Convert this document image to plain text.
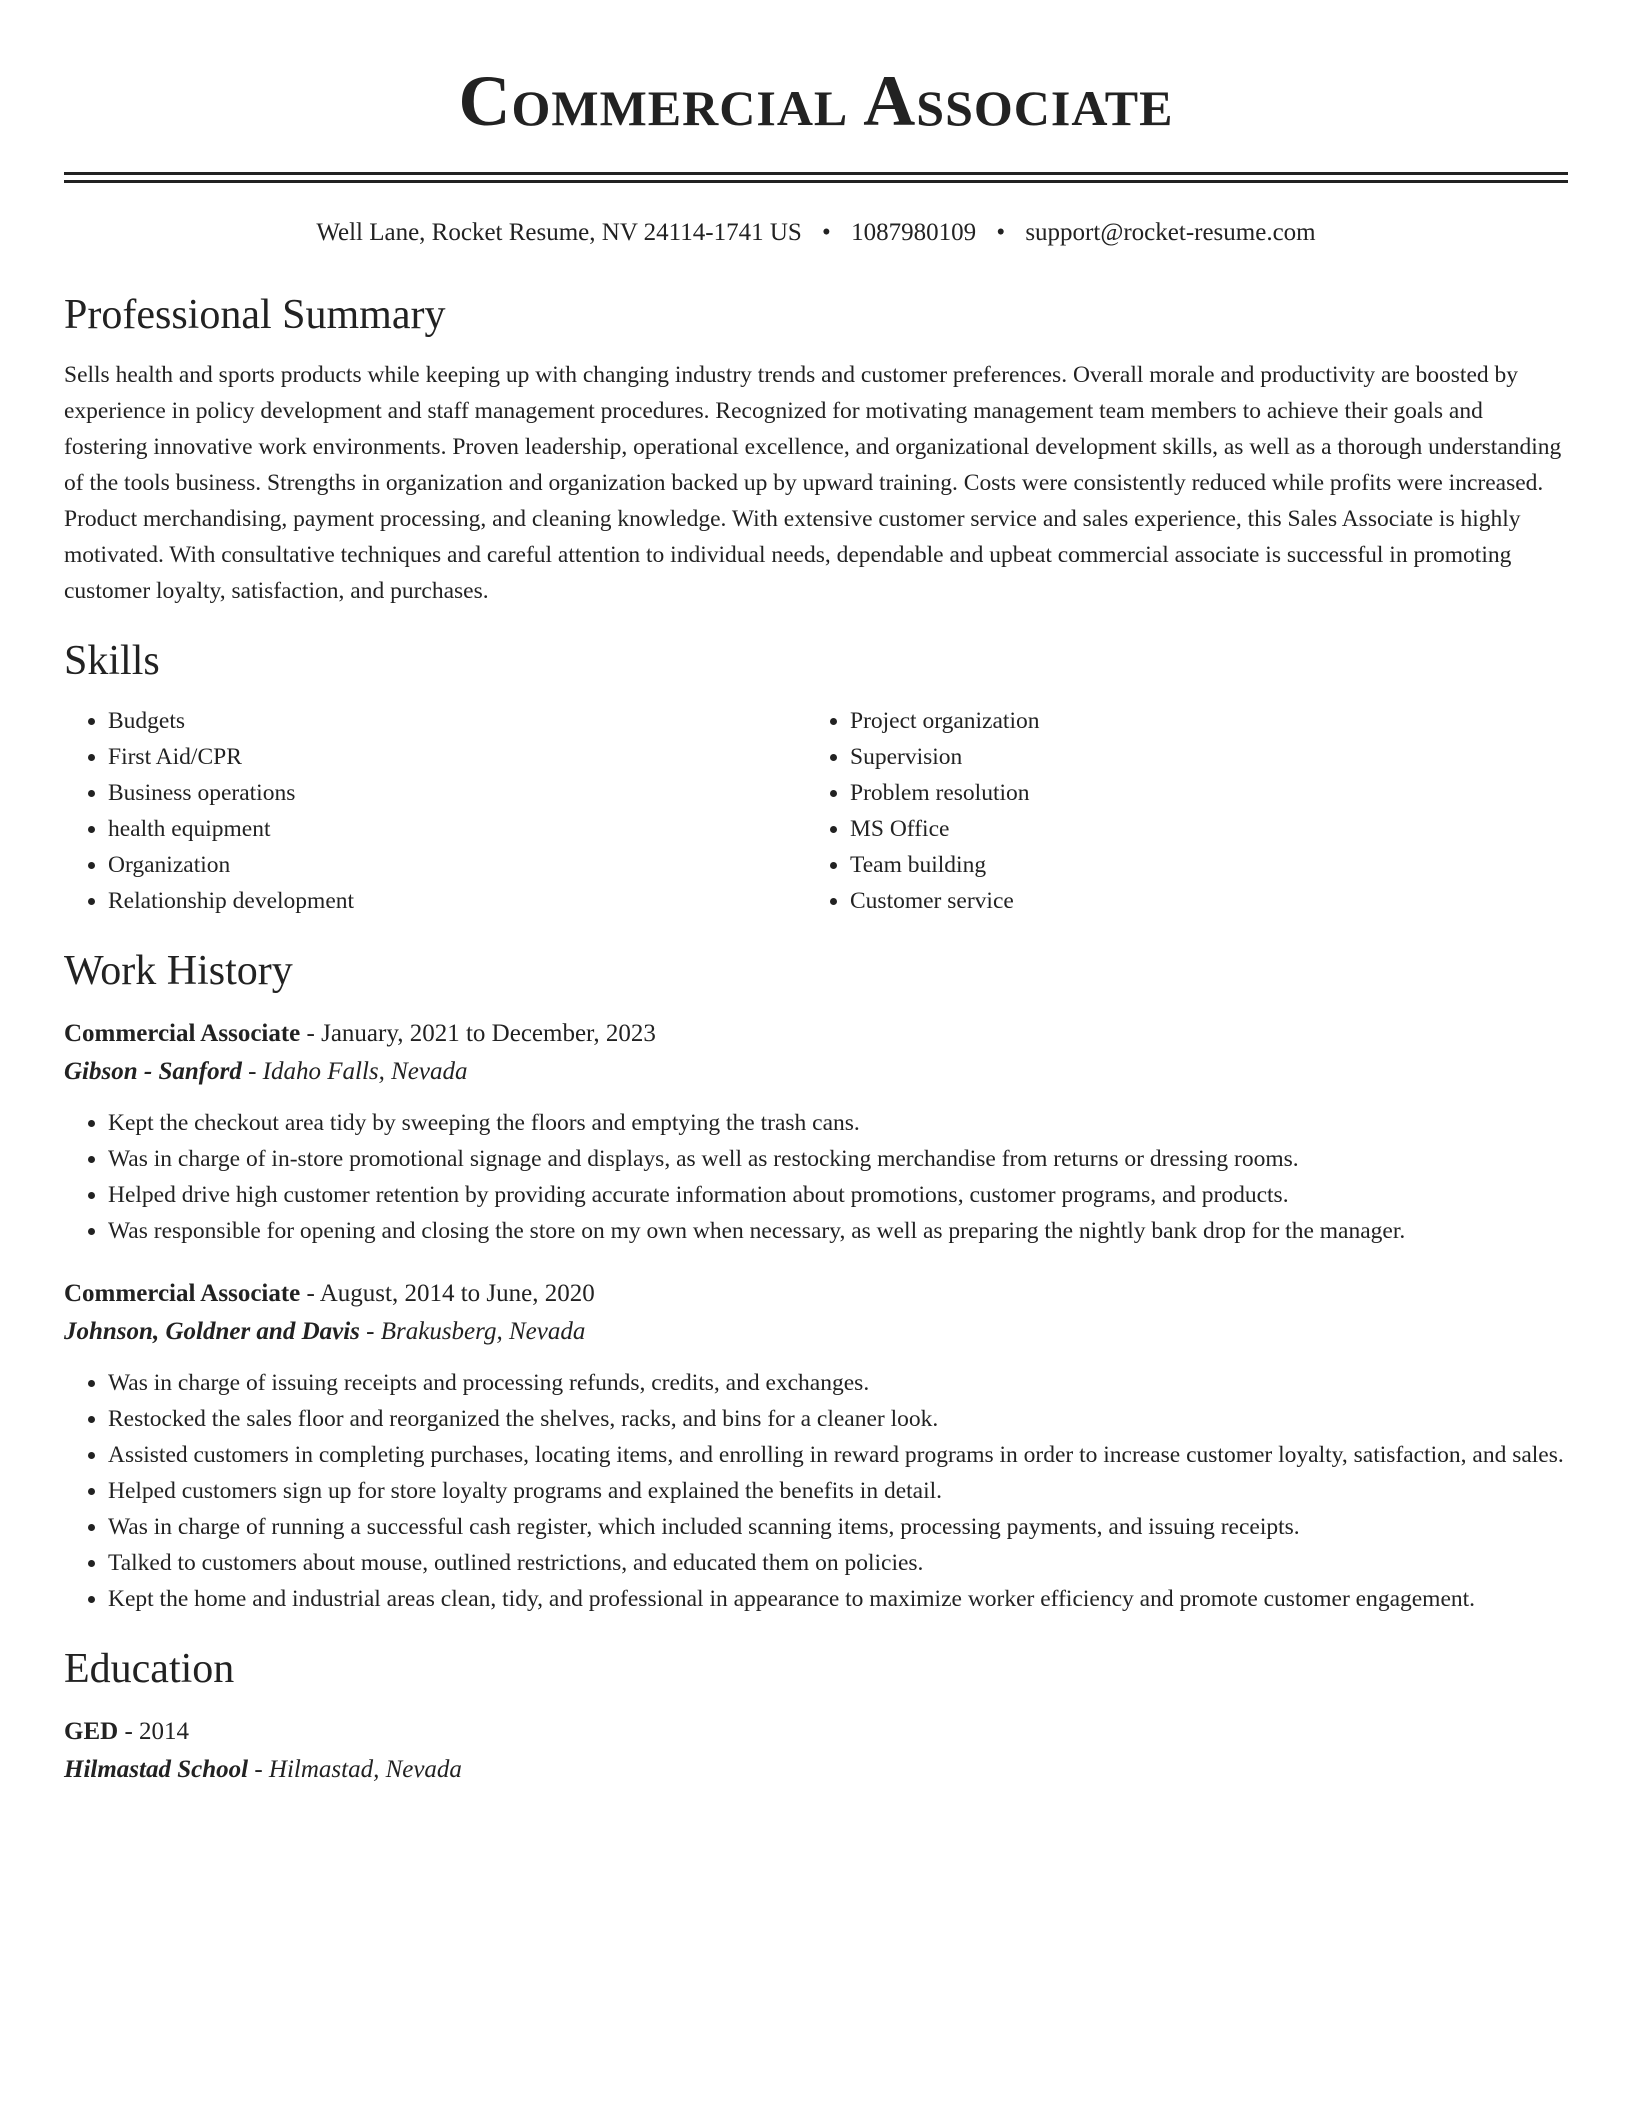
Commercial Associate
Well Lane, Rocket Resume, NV 24114-1741 US • 1087980109 • support@rocket-resume.com
Professional Summary
Sells health and sports products while keeping up with changing industry trends and customer preferences. Overall morale and productivity are boosted by experience in policy development and staff management procedures. Recognized for motivating management team members to achieve their goals and fostering innovative work environments. Proven leadership, operational excellence, and organizational development skills, as well as a thorough understanding of the tools business. Strengths in organization and organization backed up by upward training. Costs were consistently reduced while profits were increased. Product merchandising, payment processing, and cleaning knowledge. With extensive customer service and sales experience, this Sales Associate is highly motivated. With consultative techniques and careful attention to individual needs, dependable and upbeat commercial associate is successful in promoting customer loyalty, satisfaction, and purchases.
Skills
• Budgets
• First Aid/CPR
• Business operations
• health equipment
• Organization
• Relationship development
• Project organization
• Supervision
• Problem resolution
• MS Office
• Team building
• Customer service
Work History
Commercial Associate - January, 2021 to December, 2023
Gibson - Sanford - Idaho Falls, Nevada
• Kept the checkout area tidy by sweeping the floors and emptying the trash cans.
• Was in charge of in-store promotional signage and displays, as well as restocking merchandise from returns or dressing rooms.
• Helped drive high customer retention by providing accurate information about promotions, customer programs, and products.
• Was responsible for opening and closing the store on my own when necessary, as well as preparing the nightly bank drop for the manager.
Commercial Associate - August, 2014 to June, 2020
Johnson, Goldner and Davis - Brakusberg, Nevada
• Was in charge of issuing receipts and processing refunds, credits, and exchanges.
• Restocked the sales floor and reorganized the shelves, racks, and bins for a cleaner look.
• Assisted customers in completing purchases, locating items, and enrolling in reward programs in order to increase customer loyalty, satisfaction, and sales.
• Helped customers sign up for store loyalty programs and explained the benefits in detail.
• Was in charge of running a successful cash register, which included scanning items, processing payments, and issuing receipts.
• Talked to customers about mouse, outlined restrictions, and educated them on policies.
• Kept the home and industrial areas clean, tidy, and professional in appearance to maximize worker efficiency and promote customer engagement.
Education
GED - 2014
Hilmastad School - Hilmastad, Nevada
